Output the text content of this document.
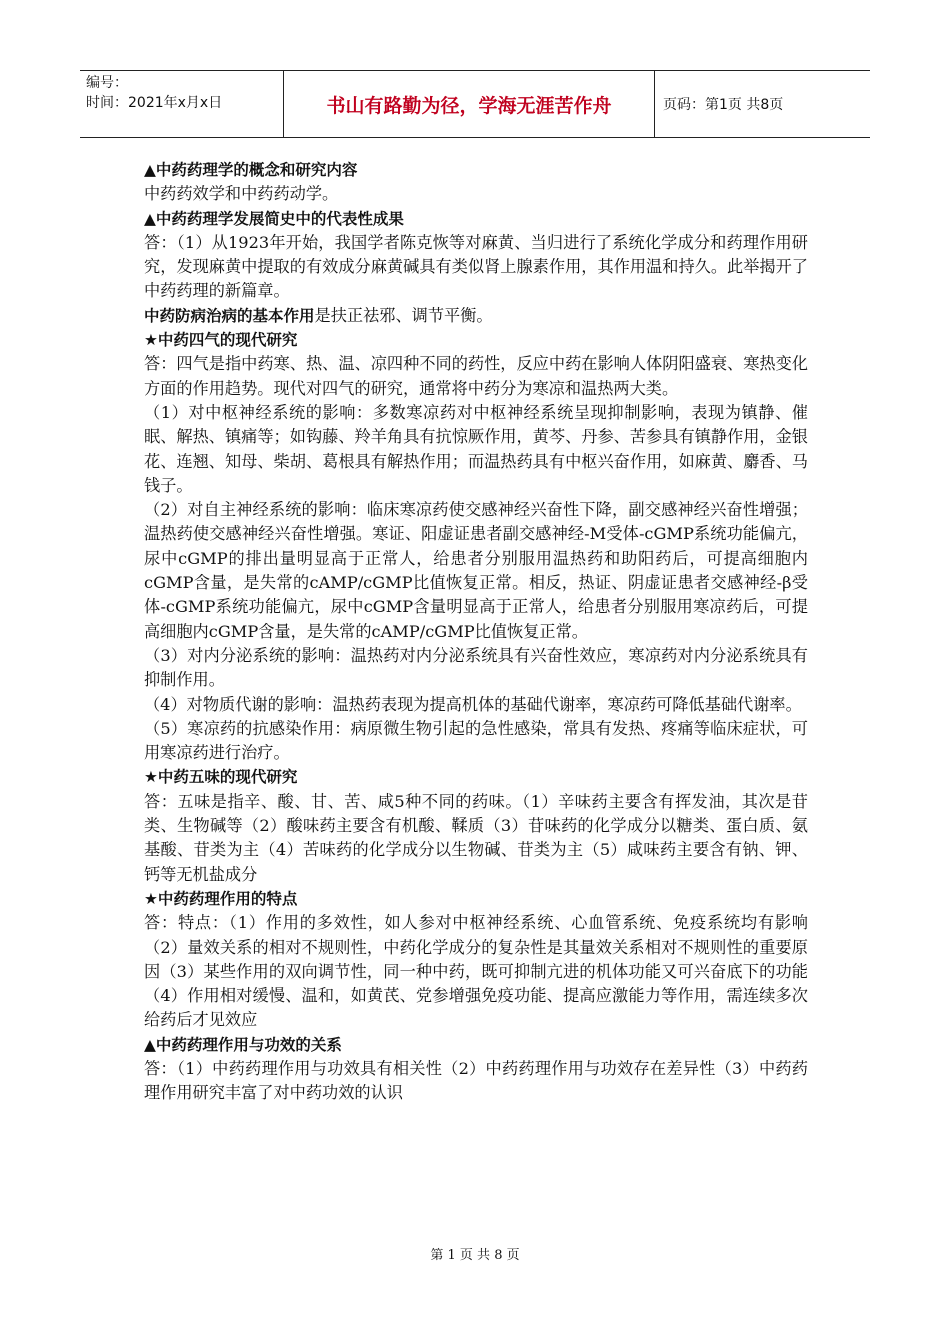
编号：
时间：2021年x月x日	书山有路勤为径，学海无涯苦作舟	页码：第1页 共8页

▲中药药理学的概念和研究内容

中药药效学和中药药动学。

▲中药药理学发展简史中的代表性成果

答：（1）从1923年开始，我国学者陈克恢等对麻黄、当归进行了系统化学成分和药理作用研究，发现麻黄中提取的有效成分麻黄碱具有类似肾上腺素作用，其作用温和持久。此举揭开了中药药理的新篇章。

中药防病治病的基本作用是扶正祛邪、调节平衡。

★中药四气的现代研究

答：四气是指中药寒、热、温、凉四种不同的药性，反应中药在影响人体阴阳盛衰、寒热变化方面的作用趋势。现代对四气的研究，通常将中药分为寒凉和温热两大类。

（1）对中枢神经系统的影响：多数寒凉药对中枢神经系统呈现抑制影响，表现为镇静、催眠、解热、镇痛等；如钩藤、羚羊角具有抗惊厥作用，黄芩、丹参、苦参具有镇静作用，金银花、连翘、知母、柴胡、葛根具有解热作用；而温热药具有中枢兴奋作用，如麻黄、麝香、马钱子。

（2）对自主神经系统的影响：临床寒凉药使交感神经兴奋性下降，副交感神经兴奋性增强；温热药使交感神经兴奋性增强。寒证、阳虚证患者副交感神经-M受体-cGMP系统功能偏亢，尿中cGMP的排出量明显高于正常人，给患者分别服用温热药和助阳药后，可提高细胞内cGMP含量，是失常的cAMP/cGMP比值恢复正常。相反，热证、阴虚证患者交感神经-β受体-cGMP系统功能偏亢，尿中cGMP含量明显高于正常人，给患者分别服用寒凉药后，可提高细胞内cGMP含量，是失常的cAMP/cGMP比值恢复正常。

（3）对内分泌系统的影响：温热药对内分泌系统具有兴奋性效应，寒凉药对内分泌系统具有抑制作用。

（4）对物质代谢的影响：温热药表现为提高机体的基础代谢率，寒凉药可降低基础代谢率。

（5）寒凉药的抗感染作用：病原微生物引起的急性感染，常具有发热、疼痛等临床症状，可用寒凉药进行治疗。

★中药五味的现代研究

答：五味是指辛、酸、甘、苦、咸5种不同的药味。（1）辛味药主要含有挥发油，其次是苷类、生物碱等（2）酸味药主要含有机酸、鞣质（3）苷味药的化学成分以糖类、蛋白质、氨基酸、苷类为主（4）苦味药的化学成分以生物碱、苷类为主（5）咸味药主要含有钠、钾、钙等无机盐成分

★中药药理作用的特点

答：特点：（1）作用的多效性，如人参对中枢神经系统、心血管系统、免疫系统均有影响（2）量效关系的相对不规则性，中药化学成分的复杂性是其量效关系相对不规则性的重要原因（3）某些作用的双向调节性，同一种中药，既可抑制亢进的机体功能又可兴奋底下的功能（4）作用相对缓慢、温和，如黄芪、党参增强免疫功能、提高应激能力等作用，需连续多次给药后才见效应

▲中药药理作用与功效的关系

答：（1）中药药理作用与功效具有相关性（2）中药药理作用与功效存在差异性（3）中药药理作用研究丰富了对中药功效的认识

第 1 页 共 8 页
